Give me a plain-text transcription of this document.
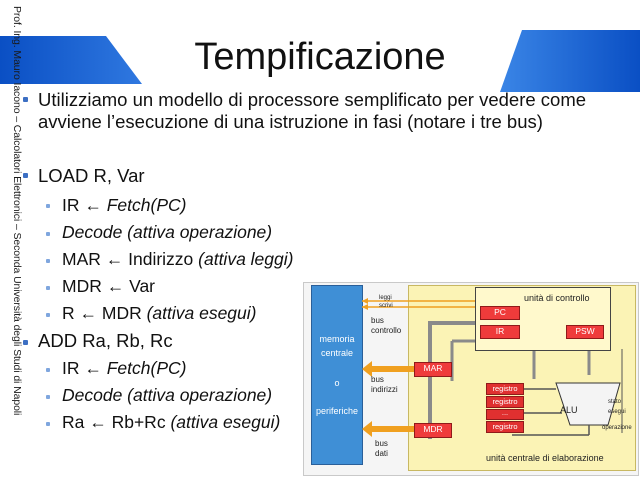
Prof. Ing. Mauro Iacono – Calcolatori Elettronici – Seconda Università degli Studi di Napoli	Tempificazione
Utilizziamo un modello di processore semplificato per vedere come avviene l’esecuzione di una istruzione in fasi (notare i tre bus)
LOAD R, Var
IR ← Fetch(PC)
Decode (attiva operazione)
MAR ← Indirizzo (attiva leggi)
MDR ← Var
R ← MDR (attiva esegui)
ADD Ra, Rb, Rc
IR ← Fetch(PC)
Decode (attiva operazione)
Ra ← Rb+Rc (attiva esegui)
memoria
centrale
o
periferiche
leggi
scrivi
bus
controllo
bus
indirizzi
bus
dati
unità di controllo
PC
IR	PSW
MAR
MDR
registro
registro
...
registro
ALU
stato
esegui
operazione
unità centrale di elaborazione
